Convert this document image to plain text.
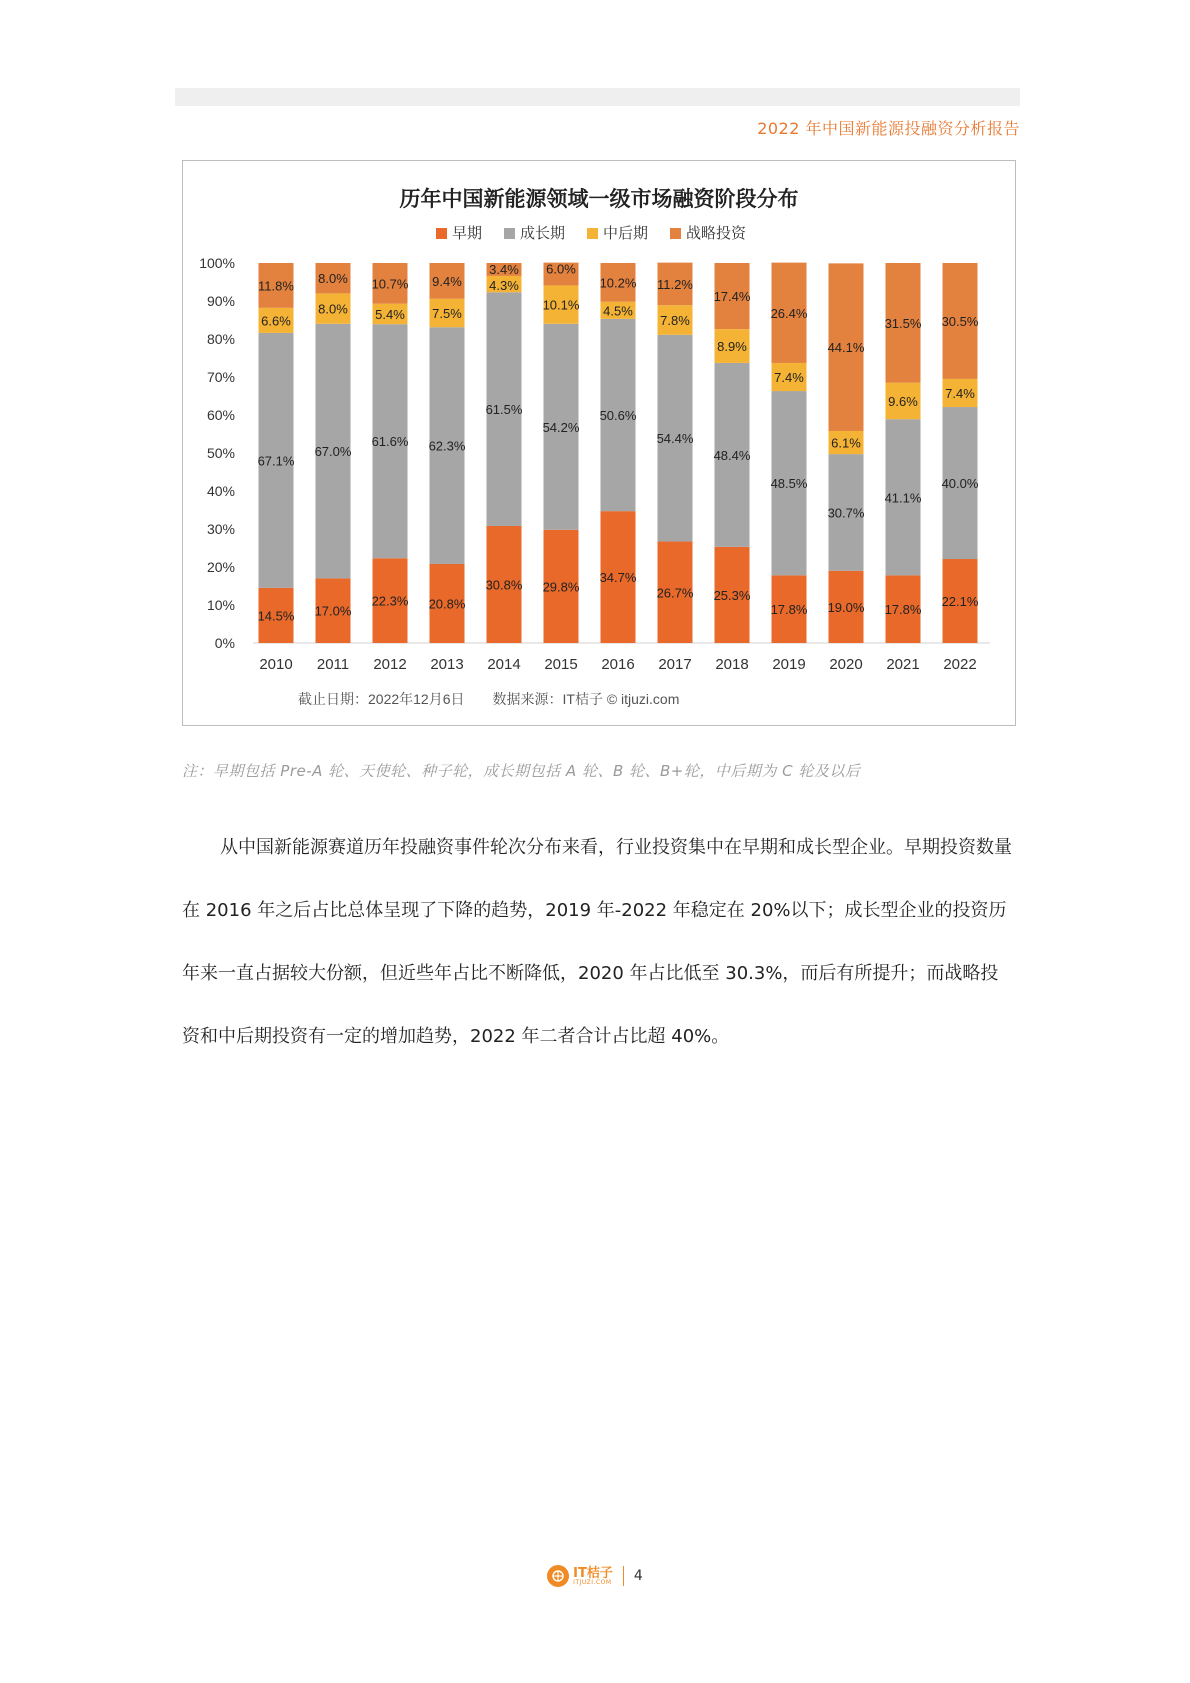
2022 年中国新能源投融资分析报告
历年中国新能源领域一级市场融资阶段分布
早期	成长期	中后期	战略投资
0%
10%
20%
30%
40%
50%
60%
70%
80%
90%
100%
14.5%
67.1%
6.6%
11.8%
2010
17.0%
67.0%
8.0%
8.0%
2011
22.3%
61.6%
5.4%
10.7%
2012
20.8%
62.3%
7.5%
9.4%
2013
30.8%
61.5%
4.3%
3.4%
2014
29.8%
54.2%
10.1%
6.0%
2015
34.7%
50.6%
4.5%
10.2%
2016
26.7%
54.4%
7.8%
11.2%
2017
25.3%
48.4%
8.9%
17.4%
2018
17.8%
48.5%
7.4%
26.4%
2019
19.0%
30.7%
6.1%
44.1%
2020
17.8%
41.1%
9.6%
31.5%
2021
22.1%
40.0%
7.4%
30.5%
2022
截止日期：2022年12月6日　　数据来源：IT桔子 © itjuzi.com
注：早期包括 Pre-A 轮、天使轮、种子轮，成长期包括 A 轮、B 轮、B+轮，中后期为 C 轮及以后

从中国新能源赛道历年投融资事件轮次分布来看，行业投资集中在早期和成长型企业。早期投资数量在 2016 年之后占比总体呈现了下降的趋势，2019 年-2022 年稳定在 20%以下；成长型企业的投资历年来一直占据较大份额，但近些年占比不断降低，2020 年占比低至 30.3%，而后有所提升；而战略投资和中后期投资有一定的增加趋势，2022 年二者合计占比超 40%。

IT桔子
ITJUZI.COM 4
